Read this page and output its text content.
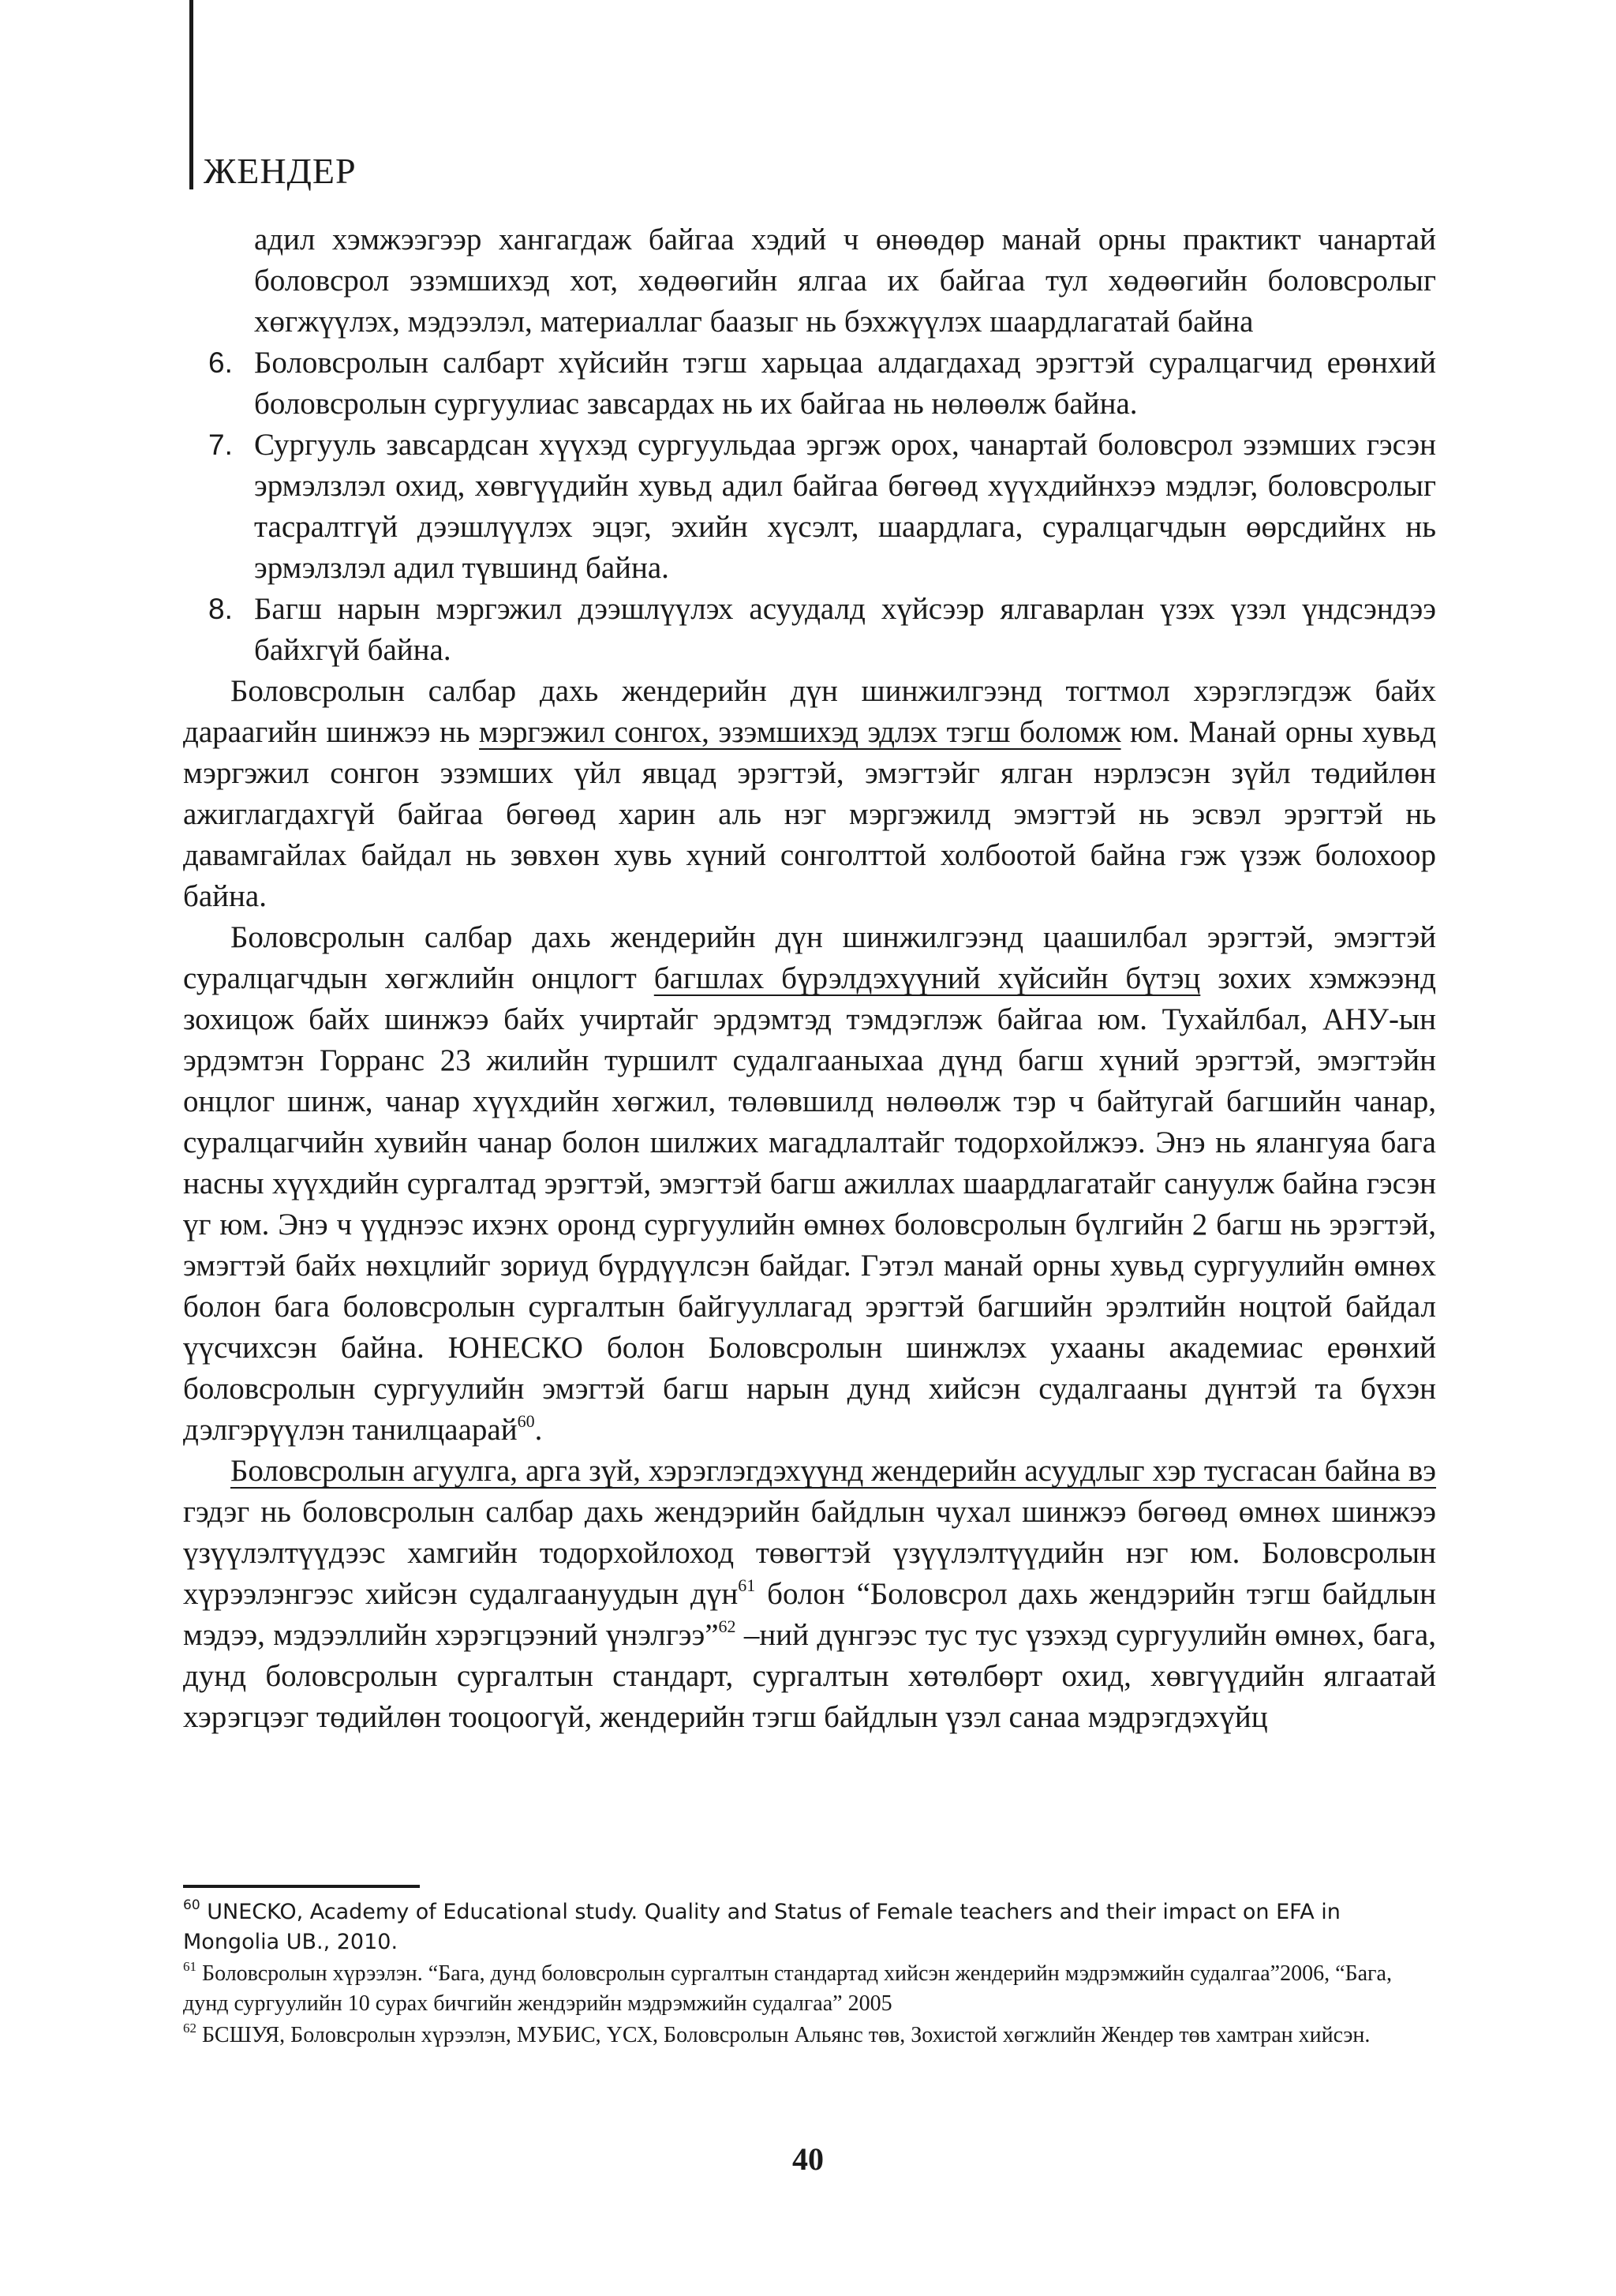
ЖЕНДЕР

адил хэмжээгээр хангагдаж байгаа хэдий ч өнөөдөр манай орны практикт чанартай боловсрол эзэмшихэд хот, хөдөөгийн ялгаа их байгаа тул хөдөөгийн боловсролыг хөгжүүлэх, мэдээлэл, материаллаг баазыг нь бэхжүүлэх шаардлагатай байна

6. Боловсролын салбарт хүйсийн тэгш харьцаа алдагдахад эрэгтэй суралцагчид ерөнхий боловсролын сургуулиас завсардах нь их байгаа нь нөлөөлж байна.
7. Сургууль завсардсан хүүхэд сургуульдаа эргэж орох, чанартай боловсрол эзэмших гэсэн эрмэлзлэл охид, хөвгүүдийн хувьд адил байгаа бөгөөд хүүхдийнхээ мэдлэг, боловсролыг тасралтгүй дээшлүүлэх эцэг, эхийн хүсэлт, шаардлага, суралцагчдын өөрсдийнх нь эрмэлзлэл адил түвшинд байна.
8. Багш нарын мэргэжил дээшлүүлэх асуудалд хүйсээр ялгаварлан үзэх үзэл үндсэндээ байхгүй байна.

Боловсролын салбар дахь жендерийн дүн шинжилгээнд тогтмол хэрэглэгдэж байх дараагийн шинжээ нь мэргэжил сонгох, эзэмшихэд эдлэх тэгш боломж юм. Манай орны хувьд мэргэжил сонгон эзэмших үйл явцад эрэгтэй, эмэгтэйг ялган нэрлэсэн зүйл төдийлөн ажиглагдахгүй байгаа бөгөөд харин аль нэг мэргэжилд эмэгтэй нь эсвэл эрэгтэй нь давамгайлах байдал нь зөвхөн хувь хүний сонголттой холбоотой байна гэж үзэж болохоор байна.

Боловсролын салбар дахь жендерийн дүн шинжилгээнд цаашилбал эрэгтэй, эмэгтэй суралцагчдын хөгжлийн онцлогт багшлах бүрэлдэхүүний хүйсийн бүтэц зохих хэмжээнд зохицож байх шинжээ байх учиртайг эрдэмтэд тэмдэглэж байгаа юм. Тухайлбал, АНУ-ын эрдэмтэн Горранс 23 жилийн туршилт судалгааныхаа дүнд багш хүний эрэгтэй, эмэгтэйн онцлог шинж, чанар хүүхдийн хөгжил, төлөвшилд нөлөөлж тэр ч байтугай багшийн чанар, суралцагчийн хувийн чанар болон шилжих магадлалтайг тодорхойлжээ. Энэ нь ялангуяа бага насны хүүхдийн сургалтад эрэгтэй, эмэгтэй багш ажиллах шаардлагатайг сануулж байна гэсэн үг юм. Энэ ч үүднээс ихэнх оронд сургуулийн өмнөх боловсролын бүлгийн 2 багш нь эрэгтэй, эмэгтэй байх нөхцлийг зориуд бүрдүүлсэн байдаг. Гэтэл манай орны хувьд сургуулийн өмнөх болон бага боловсролын сургалтын байгууллагад эрэгтэй багшийн эрэлтийн ноцтой байдал үүсчихсэн байна. ЮНЕСКО болон Боловсролын шинжлэх ухааны академиас ерөнхий боловсролын сургуулийн эмэгтэй багш нарын дунд хийсэн судалгааны дүнтэй та бүхэн дэлгэрүүлэн танилцаарай$^{60}$.

Боловсролын агуулга, арга зүй, хэрэглэгдэхүүнд жендерийн асуудлыг хэр тусгасан байна вэ гэдэг нь боловсролын салбар дахь жендэрийн байдлын чухал шинжээ бөгөөд өмнөх шинжээ үзүүлэлтүүдээс хамгийн тодорхойлоход төвөгтэй үзүүлэлтүүдийн нэг юм. Боловсролын хүрээлэнгээс хийсэн судалгаануудын дүн$^{61}$ болон “Боловсрол дахь жендэрийн тэгш байдлын мэдээ, мэдээллийн хэрэгцээний үнэлгээ”$^{62}$ –ний дүнгээс тус тус үзэхэд сургуулийн өмнөх, бага, дунд боловсролын сургалтын стандарт, сургалтын хөтөлбөрт охид, хөвгүүдийн ялгаатай хэрэгцээг төдийлөн тооцоогүй, жендерийн тэгш байдлын үзэл санаа мэдрэгдэхүйц

$^{60}$ UNECKO, Academy of Educational study. Quality and Status of Female teachers and their impact on EFA in Mongolia UB., 2010.

$^{61}$ Боловсролын хүрээлэн. “Бага, дунд боловсролын сургалтын стандартад хийсэн жендерийн мэдрэмжийн судалгаа”2006, “Бага, дунд сургуулийн 10 сурах бичгийн жендэрийн мэдрэмжийн судалгаа” 2005

$^{62}$ БСШУЯ, Боловсролын хүрээлэн, МУБИС, ҮСХ, Боловсролын Альянс төв, Зохистой хөгжлийн Жендер төв хамтран хийсэн.

40
